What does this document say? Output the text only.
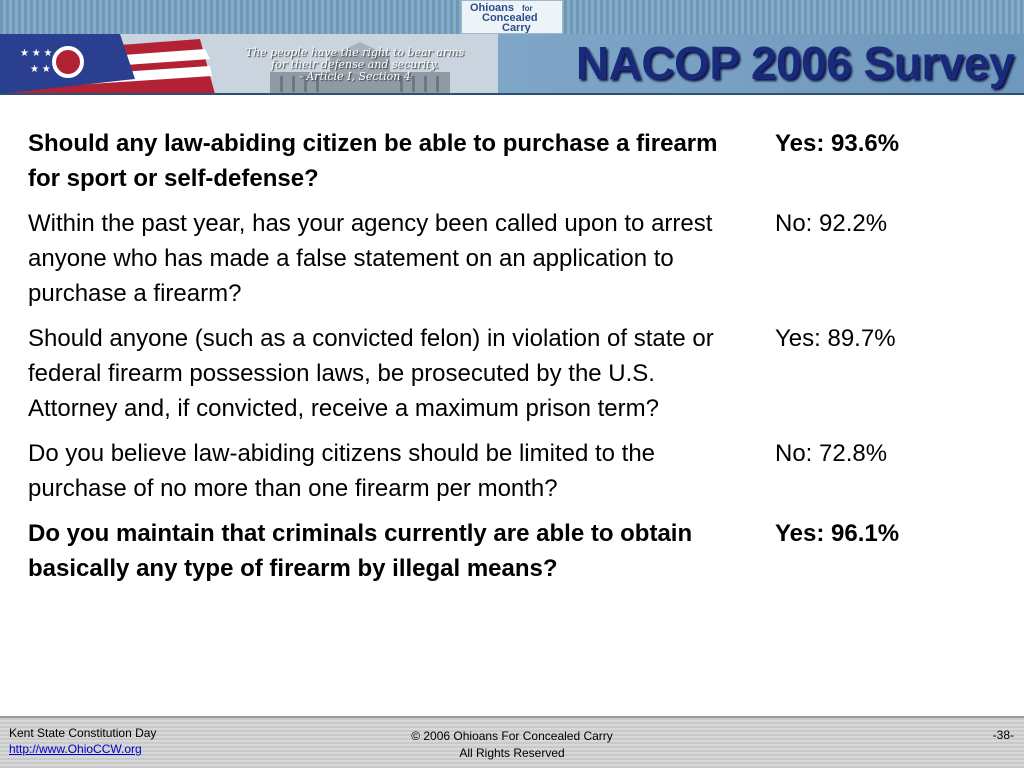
Ohioans for
Concealed
Carry
★ ★ ★
★ ★
The people have the right to bear arms
for their defense and security.
- Article I, Section 4	NACOP 2006 Survey
Should any law-abiding citizen be able to purchase a firearm for sport or self-defense?
Yes: 93.6%
Within the past year, has your agency been called upon to arrest anyone who has made a false statement on an application to purchase a firearm?
No: 92.2%
Should anyone (such as a convicted felon) in violation of state or federal firearm possession laws, be prosecuted by the U.S. Attorney and, if convicted, receive a maximum prison term?
Yes: 89.7%
Do you believe law-abiding citizens should be limited to the purchase of no more than one firearm per month?
No: 72.8%
Do you maintain that criminals currently are able to obtain basically any type of firearm by illegal means?
Yes: 96.1%
Kent State Constitution Day
http://www.OhioCCW.org
© 2006 Ohioans For Concealed Carry
All Rights Reserved
-38-
